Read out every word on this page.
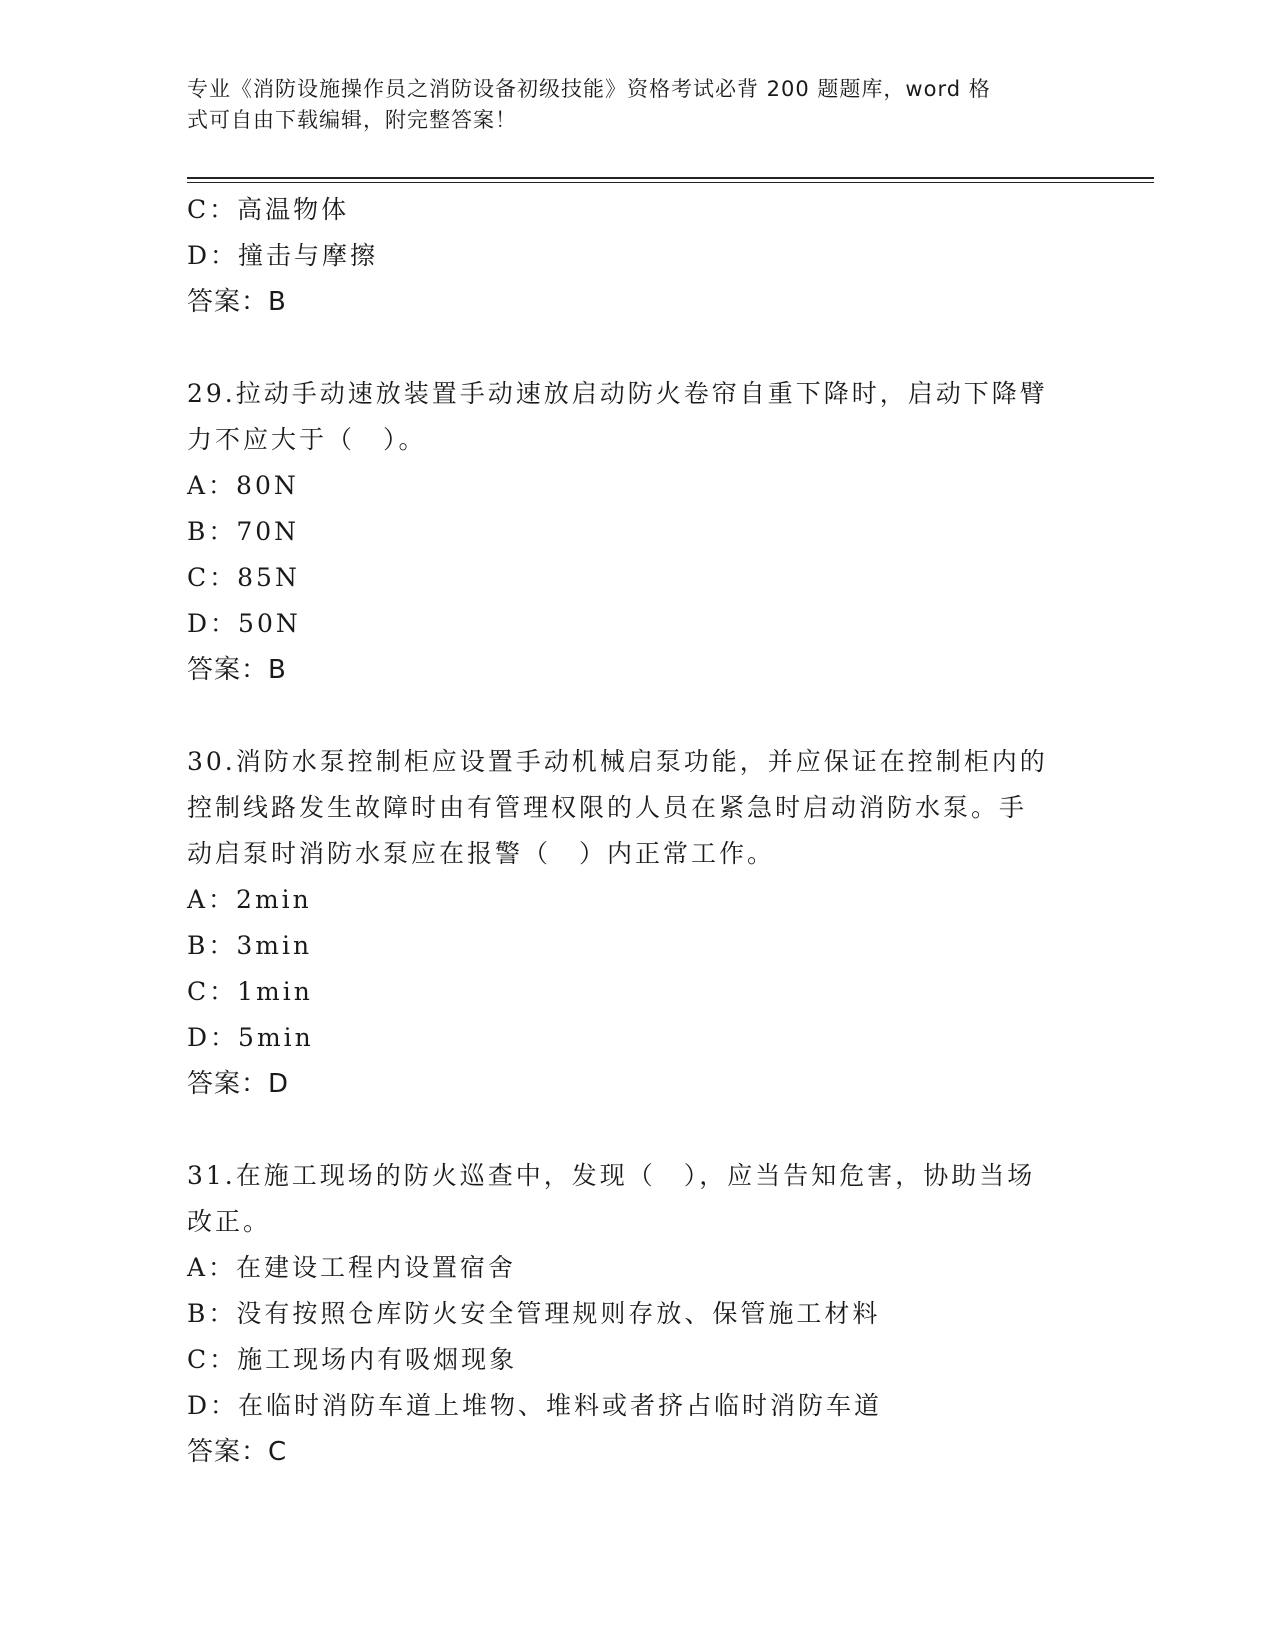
专业《消防设施操作员之消防设备初级技能》资格考试必背 200 题题库，word 格
式可自由下载编辑，附完整答案！
C：高温物体
D：撞击与摩擦
答案：B
29.拉动手动速放装置手动速放启动防火卷帘自重下降时，启动下降臂
力不应大于（　）。
A：80N
B：70N
C：85N
D：50N
答案：B
30.消防水泵控制柜应设置手动机械启泵功能，并应保证在控制柜内的
控制线路发生故障时由有管理权限的人员在紧急时启动消防水泵。手
动启泵时消防水泵应在报警（　）内正常工作。
A：2min
B：3min
C：1min
D：5min
答案：D
31.在施工现场的防火巡查中，发现（　），应当告知危害，协助当场
改正。
A：在建设工程内设置宿舍
B：没有按照仓库防火安全管理规则存放、保管施工材料
C：施工现场内有吸烟现象
D：在临时消防车道上堆物、堆料或者挤占临时消防车道
答案：C
